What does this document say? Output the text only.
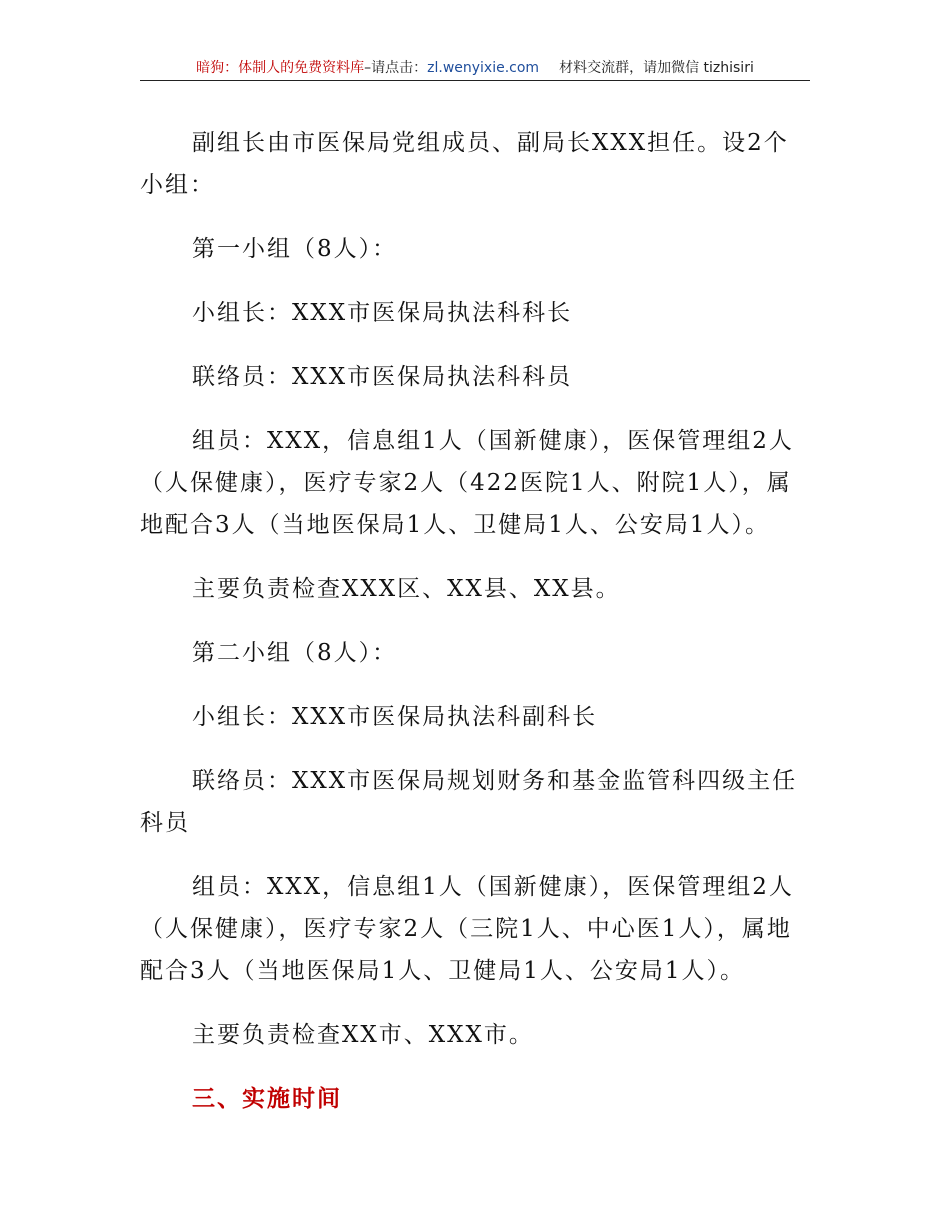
暗狗：体制人的免费资料库–请点击：zl.wenyixie.com 材料交流群，请加微信 tizhisiri

副组长由市医保局党组成员、副局长XXX担任。设2个小组：

第一小组（8人）：

小组长：XXX市医保局执法科科长

联络员：XXX市医保局执法科科员

组员：XXX，信息组1人（国新健康），医保管理组2人（人保健康），医疗专家2人（422医院1人、附院1人），属地配合3人（当地医保局1人、卫健局1人、公安局1人）。

主要负责检查XXX区、XX县、XX县。

第二小组（8人）：

小组长：XXX市医保局执法科副科长

联络员：XXX市医保局规划财务和基金监管科四级主任科员

组员：XXX，信息组1人（国新健康），医保管理组2人（人保健康），医疗专家2人（三院1人、中心医1人），属地配合3人（当地医保局1人、卫健局1人、公安局1人）。

主要负责检查XX市、XXX市。

三、实施时间
